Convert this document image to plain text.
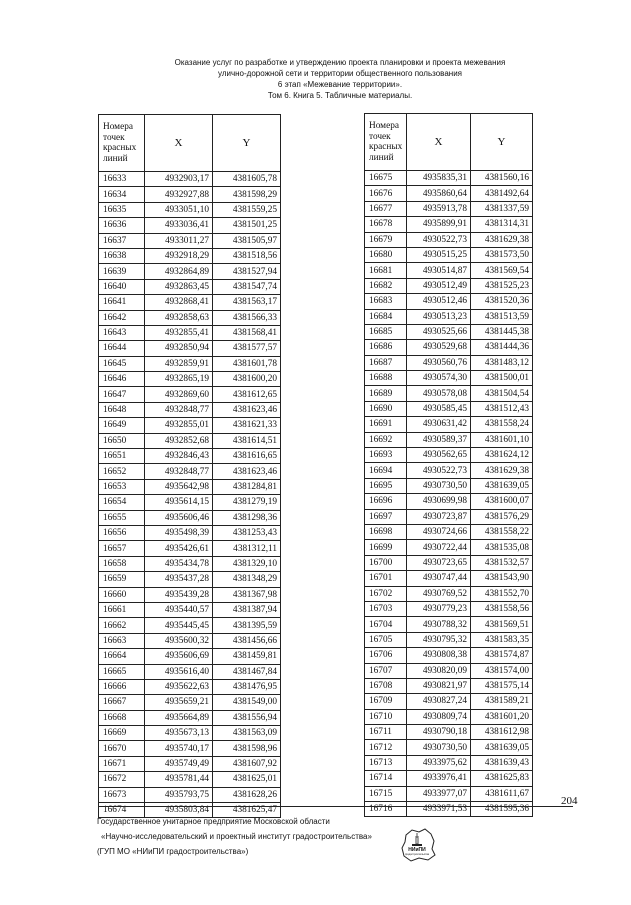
Оказание услуг по разработке и утверждению проекта планировки и проекта межевания
улично-дорожной сети и территории общественного пользования
6 этап «Межевание территории».
Том 6. Книга 5. Табличные материалы.
Номера точек красных линий	X	Y
16633	4932903,17	4381605,78
16634	4932927,88	4381598,29
16635	4933051,10	4381559,25
16636	4933036,41	4381501,25
16637	4933011,27	4381505,97
16638	4932918,29	4381518,56
16639	4932864,89	4381527,94
16640	4932863,45	4381547,74
16641	4932868,41	4381563,17
16642	4932858,63	4381566,33
16643	4932855,41	4381568,41
16644	4932850,94	4381577,57
16645	4932859,91	4381601,78
16646	4932865,19	4381600,20
16647	4932869,60	4381612,65
16648	4932848,77	4381623,46
16649	4932855,01	4381621,33
16650	4932852,68	4381614,51
16651	4932846,43	4381616,65
16652	4932848,77	4381623,46
16653	4935642,98	4381284,81
16654	4935614,15	4381279,19
16655	4935606,46	4381298,36
16656	4935498,39	4381253,43
16657	4935426,61	4381312,11
16658	4935434,78	4381329,10
16659	4935437,28	4381348,29
16660	4935439,28	4381367,98
16661	4935440,57	4381387,94
16662	4935445,45	4381395,59
16663	4935600,32	4381456,66
16664	4935606,69	4381459,81
16665	4935616,40	4381467,84
16666	4935622,63	4381476,95
16667	4935659,21	4381549,00
16668	4935664,89	4381556,94
16669	4935673,13	4381563,09
16670	4935740,17	4381598,96
16671	4935749,49	4381607,92
16672	4935781,44	4381625,01
16673	4935793,75	4381628,26
16674	4935803,84	4381625,47
Номера точек красных линий	X	Y
16675	4935835,31	4381560,16
16676	4935860,64	4381492,64
16677	4935913,78	4381337,59
16678	4935899,91	4381314,31
16679	4930522,73	4381629,38
16680	4930515,25	4381573,50
16681	4930514,87	4381569,54
16682	4930512,49	4381525,23
16683	4930512,46	4381520,36
16684	4930513,23	4381513,59
16685	4930525,66	4381445,38
16686	4930529,68	4381444,36
16687	4930560,76	4381483,12
16688	4930574,30	4381500,01
16689	4930578,08	4381504,54
16690	4930585,45	4381512,43
16691	4930631,42	4381558,24
16692	4930589,37	4381601,10
16693	4930562,65	4381624,12
16694	4930522,73	4381629,38
16695	4930730,50	4381639,05
16696	4930699,98	4381600,07
16697	4930723,87	4381576,29
16698	4930724,66	4381558,22
16699	4930722,44	4381535,08
16700	4930723,65	4381532,57
16701	4930747,44	4381543,90
16702	4930769,52	4381552,70
16703	4930779,23	4381558,56
16704	4930788,32	4381569,51
16705	4930795,32	4381583,35
16706	4930808,38	4381574,87
16707	4930820,09	4381574,00
16708	4930821,97	4381575,14
16709	4930827,24	4381589,21
16710	4930809,74	4381601,20
16711	4930790,18	4381612,98
16712	4930730,50	4381639,05
16713	4933975,62	4381639,43
16714	4933976,41	4381625,83
16715	4933977,07	4381611,67
16716	4933971,53	4381595,36
204
Государственное унитарное предприятие Московской области
«Научно-исследовательский и проектный институт градостроительства»
(ГУП МО «НИиПИ градостроительства»)	НИиПИ
градостроительства
